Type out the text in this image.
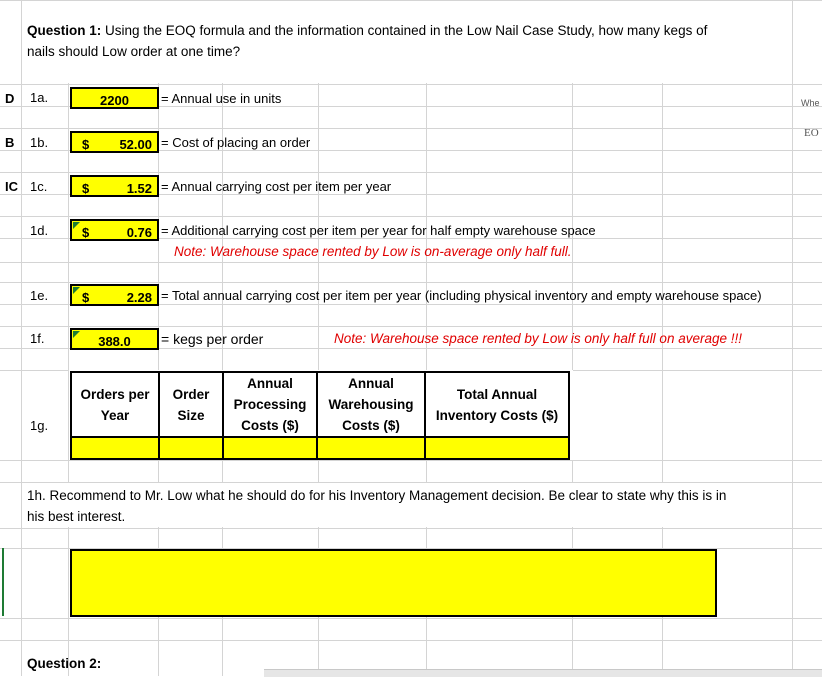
Question 1: Using the EOQ formula and the information contained in the Low Nail Case Study, how many kegs of nails should Low order at one time?
D
B
IC
1a.	2200	= Annual use in units
1b.	$ 52.00 = Cost of placing an order
1c.	$	1.52 = Annual carrying cost per item per year
1d.	$	0.76 = Additional carrying cost per item per year for half empty warehouse space
Note: Warehouse space rented by Low is on-average only half full.
1e.	$	2.28 = Total annual carrying cost per item per year (including physical inventory and empty warehouse space)
1f.	388.0	= kegs per order	Note: Warehouse space rented by Low is only half full on average !!!
1g.
Orders per Year	Order Size	Annual Processing Costs ($)	Annual Warehousing Costs ($)	Total Annual Inventory Costs ($)

1h. Recommend to Mr. Low what he should do for his Inventory Management decision. Be clear to state why this is in his best interest.
Question 2:
Whe
EO
